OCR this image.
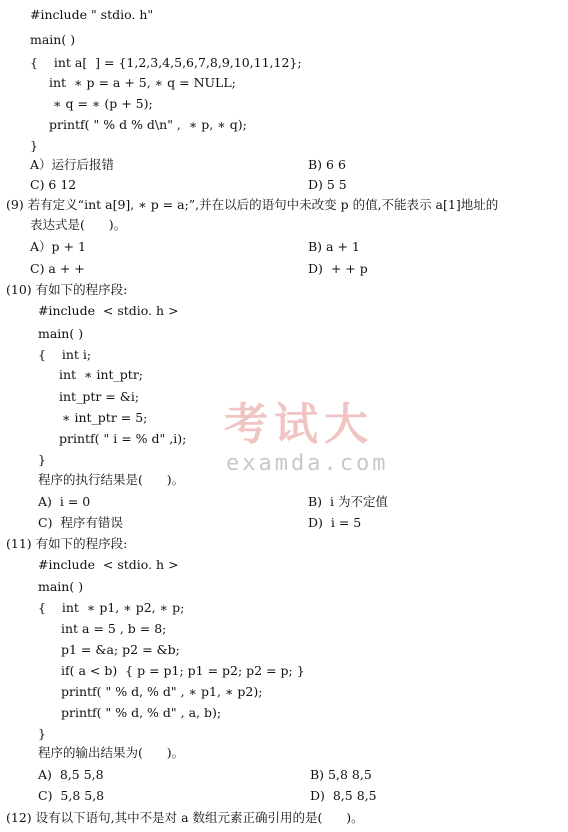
考试大
examda.com
#include " stdio. h"
main( )
{    int a[  ] = {1,2,3,4,5,6,7,8,9,10,11,12};
int  ∗ p = a + 5, ∗ q = NULL;
∗ q = ∗ (p + 5);
printf( " % d % d\n" ,  ∗ p, ∗ q);
}
A）运行后报错	B) 6 6
C) 6 12	D) 5 5
(9) 若有定义“int a[9], ∗ p = a;”,并在以后的语句中未改变 p 的值,不能表示 a[1]地址的
表达式是(      )。
A）p + 1	B) a + 1
C) a + +	D)  + + p
(10) 有如下的程序段:
#include  < stdio. h >
main( )
{    int i;
int  ∗ int_ptr;
int_ptr = &i;
∗ int_ptr = 5;
printf( " i = % d" ,i);
}
程序的执行结果是(      )。
A)  i = 0	B)  i 为不定值
C)  程序有错误	D)  i = 5
(11) 有如下的程序段:
#include  < stdio. h >
main( )
{    int  ∗ p1, ∗ p2, ∗ p;
int a = 5 , b = 8;
p1 = &a; p2 = &b;
if( a < b)  { p = p1; p1 = p2; p2 = p; }
printf( " % d, % d" , ∗ p1, ∗ p2);
printf( " % d, % d" , a, b);
}
程序的输出结果为(      )。
A)  8,5 5,8	B) 5,8 8,5
C)  5,8 5,8	D)  8,5 8,5
(12) 设有以下语句,其中不是对 a 数组元素正确引用的是(      )。
